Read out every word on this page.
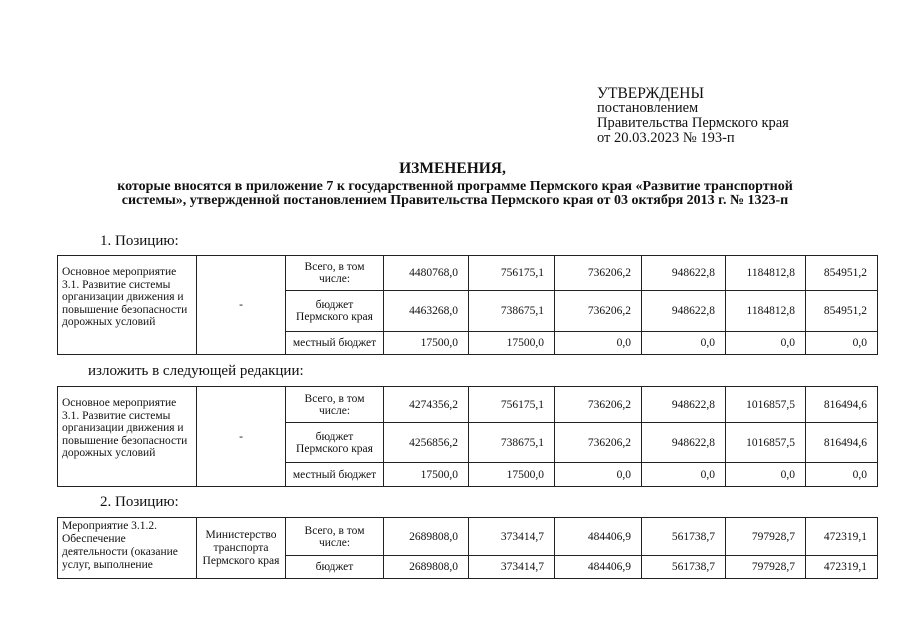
УТВЕРЖДЕНЫ
постановлением
Правительства Пермского края
от 20.03.2023 № 193-п
ИЗМЕНЕНИЯ,
которые вносятся в приложение 7 к государственной программе Пермского края «Развитие транспортной
системы», утвержденной постановлением Правительства Пермского края от 03 октября 2013 г. № 1323-п
1. Позицию:
Основное мероприятие 3.1. Развитие системы организации движения и повышение безопасности дорожных условий	-	Всего, в том числе:	4480768,0	756175,1	736206,2	948622,8	1184812,8	854951,2
		бюджет Пермского края	4463268,0	738675,1	736206,2	948622,8	1184812,8	854951,2
		местный бюджет	17500,0	17500,0	0,0	0,0	0,0	0,0
изложить в следующей редакции:
Основное мероприятие 3.1. Развитие системы организации движения и повышение безопасности дорожных условий	-	Всего, в том числе:	4274356,2	756175,1	736206,2	948622,8	1016857,5	816494,6
		бюджет Пермского края	4256856,2	738675,1	736206,2	948622,8	1016857,5	816494,6
		местный бюджет	17500,0	17500,0	0,0	0,0	0,0	0,0
2. Позицию:
Мероприятие 3.1.2. Обеспечение деятельности (оказание услуг, выполнение	Министерство транспорта Пермского края	Всего, в том числе:	2689808,0	373414,7	484406,9	561738,7	797928,7	472319,1
		бюджет	2689808,0	373414,7	484406,9	561738,7	797928,7	472319,1
